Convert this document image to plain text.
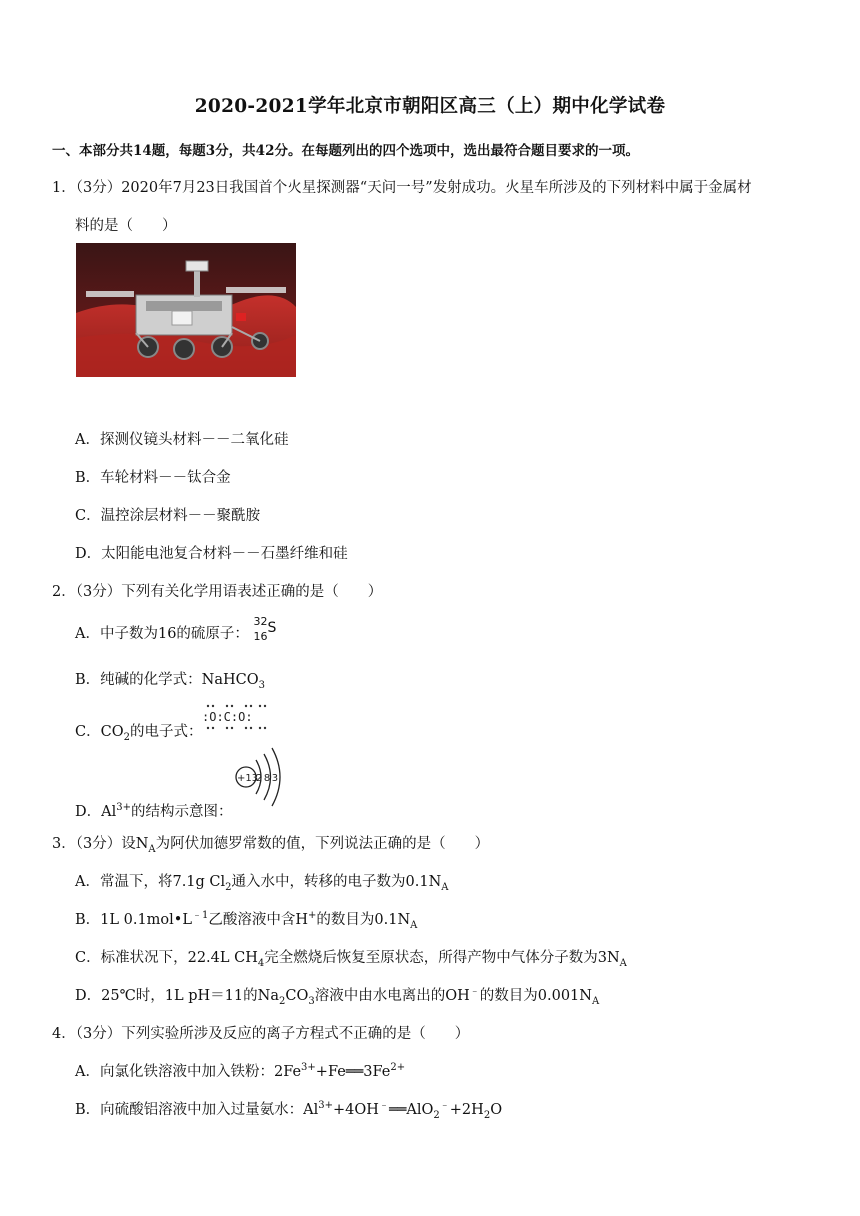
2020-2021学年北京市朝阳区高三（上）期中化学试卷
一、本部分共14题，每题3分，共42分。在每题列出的四个选项中，选出最符合题目要求的一项。
1．（3分）2020年7月23日我国首个火星探测器“天问一号”发射成功。火星车所涉及的下列材料中属于金属材
料的是（　　）
A．探测仪镜头材料－－二氧化硅
B．车轮材料－－钛合金
C．温控涂层材料－－聚酰胺
D．太阳能电池复合材料－－石墨纤维和硅
2．（3分）下列有关化学用语表述正确的是（　　）
A．中子数为16的硫原子：
32
16
S
B．纯碱的化学式：NaHCO$_3$
C．$CO_2$的电子式：
:O:C:O:
+13
283
D．$Al^{3+}$的结构示意图：
3．（3分）设$N_A$为阿伏加德罗常数的值，下列说法正确的是（　　）
A．常温下，将7.1g $Cl_2$通入水中，转移的电子数为$0.1N_A$
B．1L $0.1mol•L^{﹣1}$乙酸溶液中含H+的数目为$0.1N_A$
C．标准状况下，22.4L $CH_4$完全燃烧后恢复至原状态，所得产物中气体分子数为$3N_A$
D．25℃时，1L pH＝11的$Na_2CO_3$溶液中由水电离出的OH﹣的数目为$0.001N_A$
4．（3分）下列实验所涉及反应的离子方程式不正确的是（　　）
A．向氯化铁溶液中加入铁粉：$2Fe^{3+}+Fe══3Fe^{2+}$
B．向硫酸铝溶液中加入过量氨水：$Al^{3+}+4OH^﹣══AlO_2^﹣+2H_2O$
